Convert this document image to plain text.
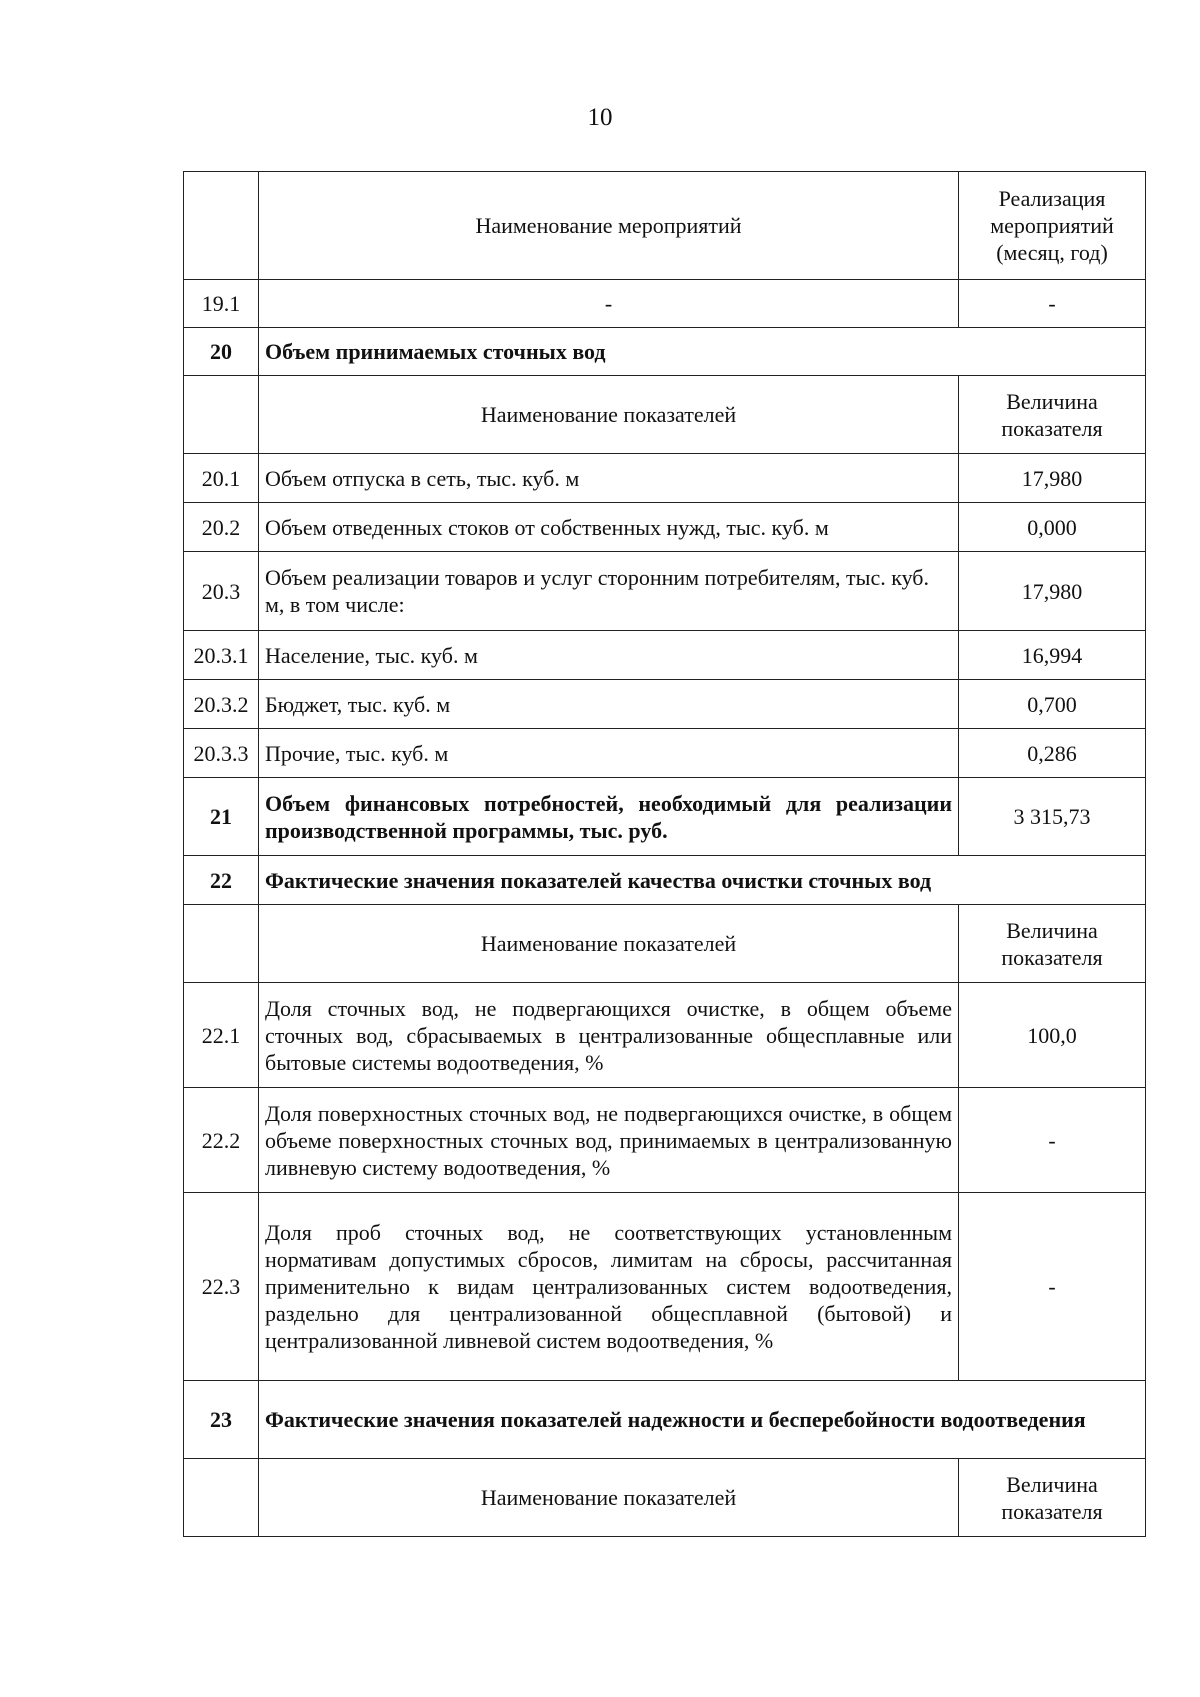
10
	Наименование мероприятий	Реализация мероприятий (месяц, год)
19.1	-	-
20	Объем принимаемых сточных вод	
	Наименование показателей	Величина показателя
20.1	Объем отпуска в сеть, тыс. куб. м	17,980
20.2	Объем отведенных стоков от собственных нужд, тыс. куб. м	0,000
20.3	Объем реализации товаров и услуг сторонним потребителям, тыс. куб. м, в том числе:	17,980
20.3.1	Население, тыс. куб. м	16,994
20.3.2	Бюджет, тыс. куб. м	0,700
20.3.3	Прочие, тыс. куб. м	0,286
21	Объем финансовых потребностей, необходимый для реализации производственной программы, тыс. руб.	3 315,73
22	Фактические значения показателей качества очистки сточных вод	
	Наименование показателей	Величина показателя
22.1	Доля сточных вод, не подвергающихся очистке, в общем объеме сточных вод, сбрасываемых в централизованные общесплавные или бытовые системы водоотведения, %	100,0
22.2	Доля поверхностных сточных вод, не подвергающихся очистке, в общем объеме поверхностных сточных вод, принимаемых в централизованную ливневую систему водоотведения, %	-
22.3	Доля проб сточных вод, не соответствующих установленным нормативам допустимых сбросов, лимитам на сбросы, рассчитанная применительно к видам централизованных систем водоотведения, раздельно для централизованной общесплавной (бытовой) и централизованной ливневой систем водоотведения, %	-
23	Фактические значения показателей надежности и бесперебойности водоотведения	
	Наименование показателей	Величина показателя
